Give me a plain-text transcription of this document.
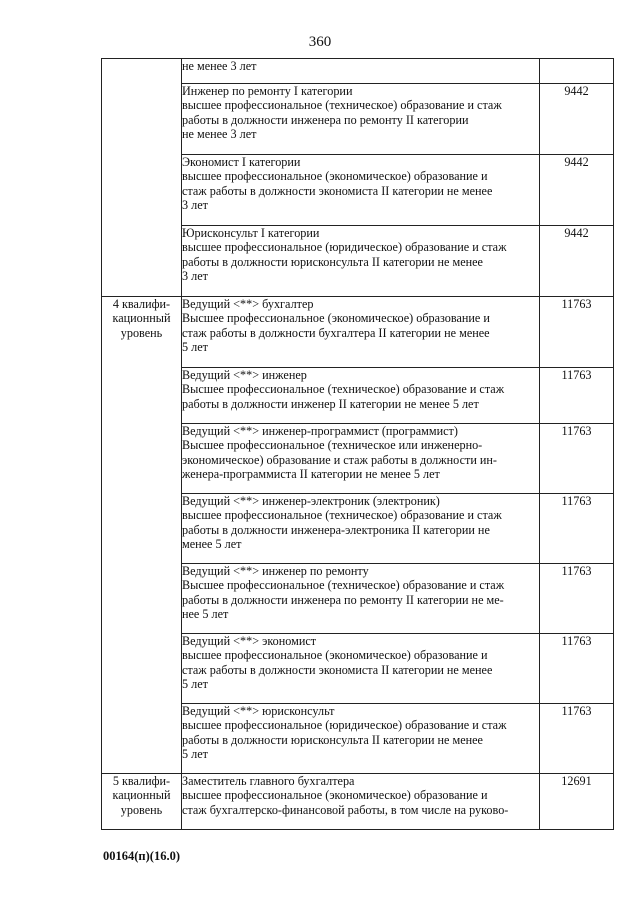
360

	не менее 3 лет	

	Инженер по ремонту I категории
высшее профессиональное (техническое) образование и стаж
работы в должности инженера по ремонту II категории
не менее 3 лет	9442

	Экономист I категории
высшее профессиональное (экономическое) образование и
стаж работы в должности экономиста II категории не менее
3 лет	9442

	Юрисконсульт I категории
высшее профессиональное (юридическое) образование и стаж
работы в должности юрисконсульта II категории не менее
3 лет	9442

4 квалифи-
кационный
уровень	Ведущий <**> бухгалтер
Высшее профессиональное (экономическое) образование и
стаж работы в должности бухгалтера II категории не менее
5 лет	11763

	Ведущий <**> инженер
Высшее профессиональное (техническое) образование и стаж
работы в должности инженер II категории не менее 5 лет	11763

	Ведущий <**> инженер-программист (программист)
Высшее профессиональное (техническое или инженерно-
экономическое) образование и стаж работы в должности ин-
женера-программиста II категории не менее 5 лет	11763

	Ведущий <**> инженер-электроник (электроник)
высшее профессиональное (техническое) образование и стаж
работы в должности инженера-электроника II категории не
менее 5 лет	11763

	Ведущий <**> инженер по ремонту
Высшее профессиональное (техническое) образование и стаж
работы в должности инженера по ремонту II категории не ме-
нее 5 лет	11763

	Ведущий <**> экономист
высшее профессиональное (экономическое) образование и
стаж работы в должности экономиста II категории не менее
5 лет	11763

	Ведущий <**> юрисконсульт
высшее профессиональное (юридическое) образование и стаж
работы в должности юрисконсульта II категории не менее
5 лет	11763

5 квалифи-
кационный
уровень	Заместитель главного бухгалтера
высшее профессиональное (экономическое) образование и
стаж бухгалтерско-финансовой работы, в том числе на руково-	12691
00164(п)(16.0)
